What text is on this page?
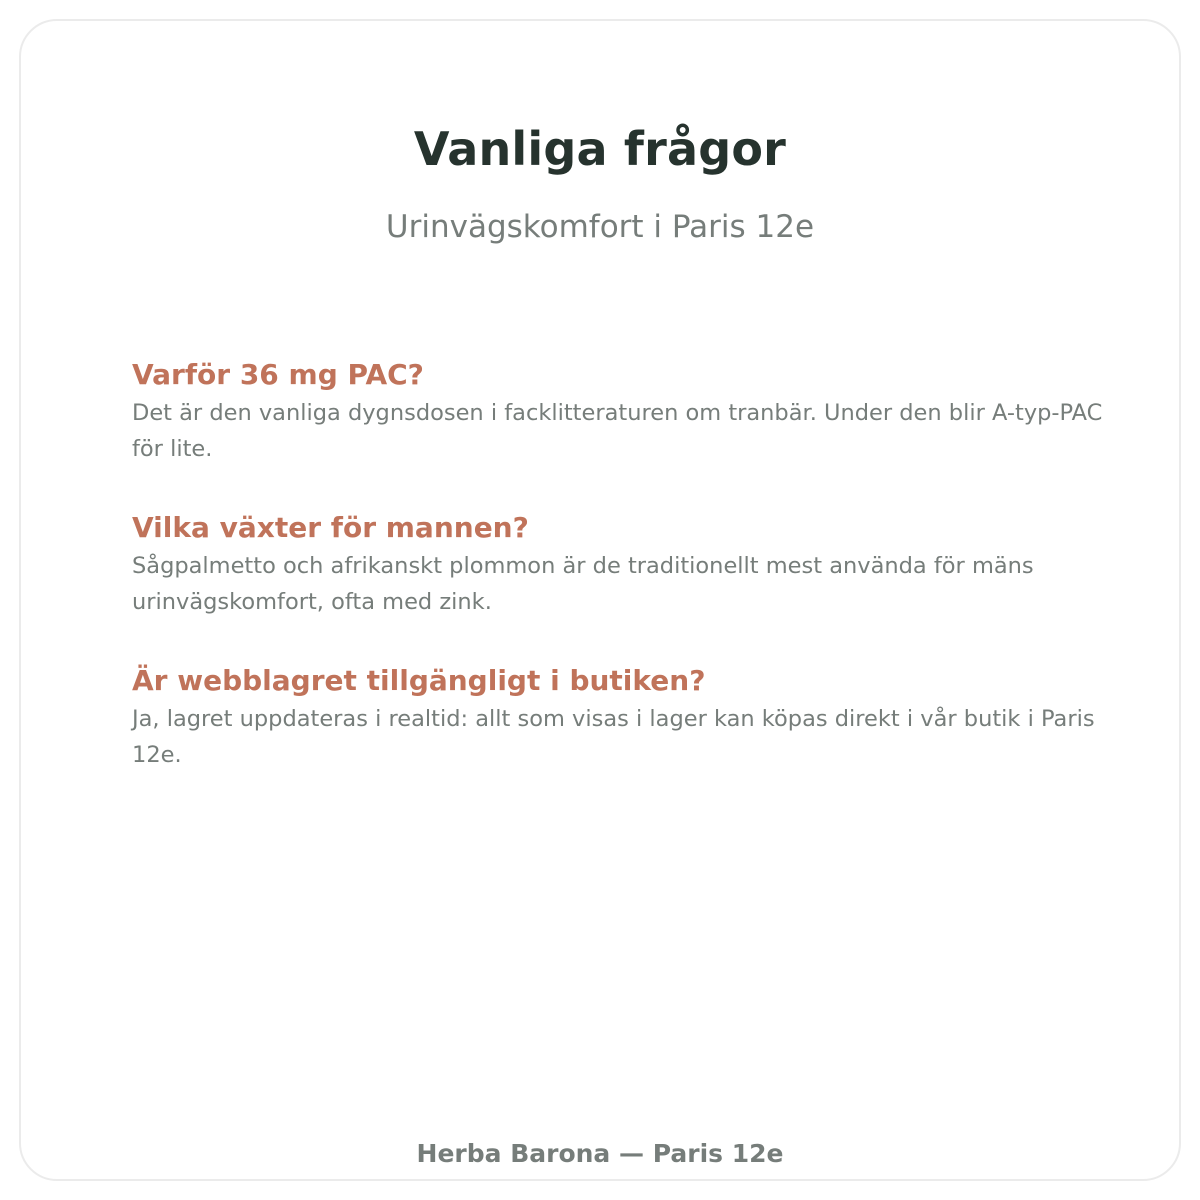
Vanliga frågor

Urinvägskomfort i Paris 12e

Varför 36 mg PAC?

Det är den vanliga dygnsdosen i facklitteraturen om tranbär. Under den blir A-typ-PAC för lite.

Vilka växter för mannen?

Sågpalmetto och afrikanskt plommon är de traditionellt mest använda för mäns urinvägskomfort, ofta med zink.

Är webblagret tillgängligt i butiken?

Ja, lagret uppdateras i realtid: allt som visas i lager kan köpas direkt i vår butik i Paris 12e.

Herba Barona — Paris 12e
